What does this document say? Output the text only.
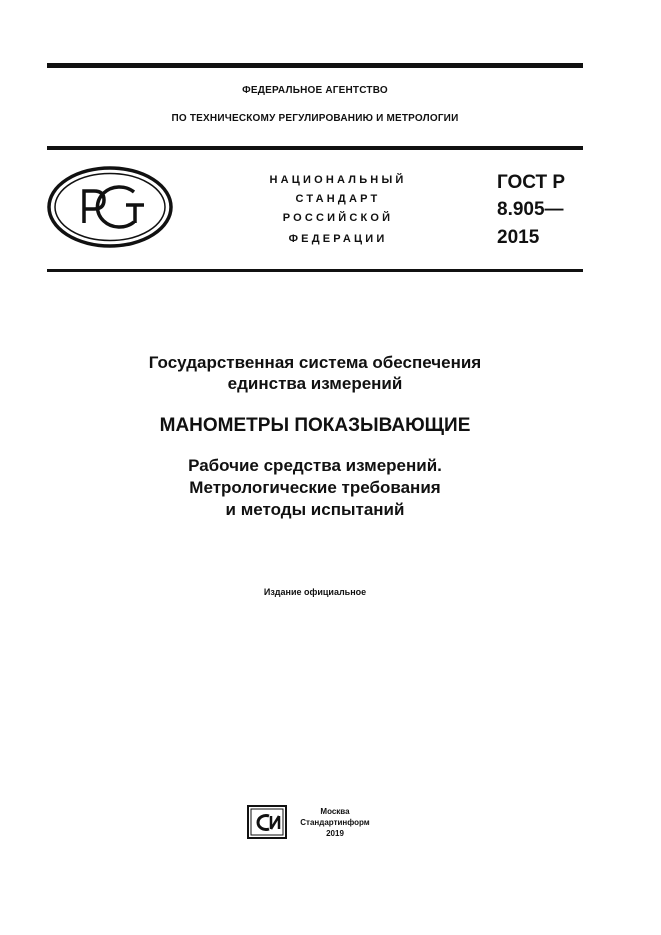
ФЕДЕРАЛЬНОЕ АГЕНТСТВО
ПО ТЕХНИЧЕСКОМУ РЕГУЛИРОВАНИЮ И МЕТРОЛОГИИ
НАЦИОНАЛЬНЫЙ
СТАНДАРТ
РОССИЙСКОЙ
ФЕДЕРАЦИИ
ГОСТ Р
8.905—
2015
Государственная система обеспечения
единства измерений
МАНОМЕТРЫ ПОКАЗЫВАЮЩИЕ
Рабочие средства измерений.
Метрологические требования
и методы испытаний
Издание официальное
Москва
Стандартинформ
2019
